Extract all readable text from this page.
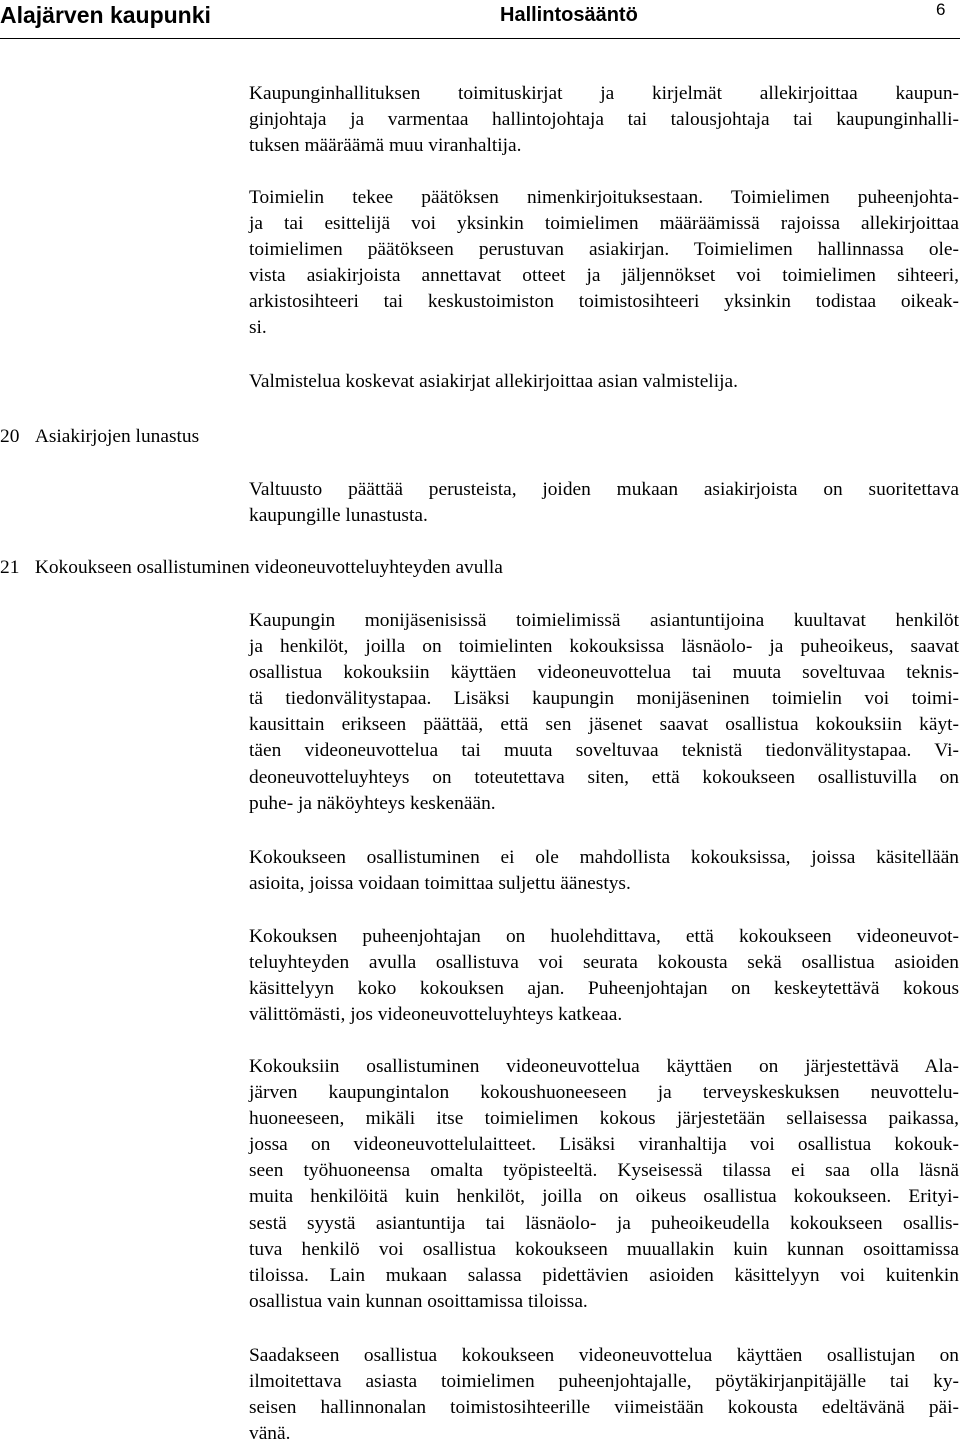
Alajärven kaupunki	Hallintosääntö	6

Kaupunginhallituksen toimituskirjat ja kirjelmät allekirjoittaa kaupun-
ginjohtaja ja varmentaa hallintojohtaja tai talousjohtaja tai kaupunginhalli-
tuksen määräämä muu viranhaltija.

Toimielin tekee päätöksen nimenkirjoituksestaan. Toimielimen puheenjohta-
ja tai esittelijä voi yksinkin toimielimen määräämissä rajoissa allekirjoittaa
toimielimen päätökseen perustuvan asiakirjan. Toimielimen hallinnassa ole-
vista asiakirjoista annettavat otteet ja jäljennökset voi toimielimen sihteeri,
arkistosihteeri tai keskustoimiston toimistosihteeri yksinkin todistaa oikeak-
si.

Valmistelua koskevat asiakirjat allekirjoittaa asian valmistelija.

20 Asiakirjojen lunastus

Valtuusto päättää perusteista, joiden mukaan asiakirjoista on suoritettava
kaupungille lunastusta.

21 Kokoukseen osallistuminen videoneuvotteluyhteyden avulla

Kaupungin monijäsenisissä toimielimissä asiantuntijoina kuultavat henkilöt
ja henkilöt, joilla on toimielinten kokouksissa läsnäolo- ja puheoikeus, saavat
osallistua kokouksiin käyttäen videoneuvottelua tai muuta soveltuvaa teknis-
tä tiedonvälitystapaa. Lisäksi kaupungin monijäseninen toimielin voi toimi-
kausittain erikseen päättää, että sen jäsenet saavat osallistua kokouksiin käyt-
täen videoneuvottelua tai muuta soveltuvaa teknistä tiedonvälitystapaa. Vi-
deoneuvotteluyhteys on toteutettava siten, että kokoukseen osallistuvilla on
puhe- ja näköyhteys keskenään.

Kokoukseen osallistuminen ei ole mahdollista kokouksissa, joissa käsitellään
asioita, joissa voidaan toimittaa suljettu äänestys.

Kokouksen puheenjohtajan on huolehdittava, että kokoukseen videoneuvot-
teluyhteyden avulla osallistuva voi seurata kokousta sekä osallistua asioiden
käsittelyyn koko kokouksen ajan. Puheenjohtajan on keskeytettävä kokous
välittömästi, jos videoneuvotteluyhteys katkeaa.

Kokouksiin osallistuminen videoneuvottelua käyttäen on järjestettävä Ala-
järven kaupungintalon kokoushuoneeseen ja terveyskeskuksen neuvottelu-
huoneeseen, mikäli itse toimielimen kokous järjestetään sellaisessa paikassa,
jossa on videoneuvottelulaitteet. Lisäksi viranhaltija voi osallistua kokouk-
seen työhuoneensa omalta työpisteeltä. Kyseisessä tilassa ei saa olla läsnä
muita henkilöitä kuin henkilöt, joilla on oikeus osallistua kokoukseen. Erityi-
sestä syystä asiantuntija tai läsnäolo- ja puheoikeudella kokoukseen osallis-
tuva henkilö voi osallistua kokoukseen muuallakin kuin kunnan osoittamissa
tiloissa. Lain mukaan salassa pidettävien asioiden käsittelyyn voi kuitenkin
osallistua vain kunnan osoittamissa tiloissa.

Saadakseen osallistua kokoukseen videoneuvottelua käyttäen osallistujan on
ilmoitettava asiasta toimielimen puheenjohtajalle, pöytäkirjanpitäjälle tai ky-
seisen hallinnonalan toimistosihteerille viimeistään kokousta edeltävänä päi-
vänä.
